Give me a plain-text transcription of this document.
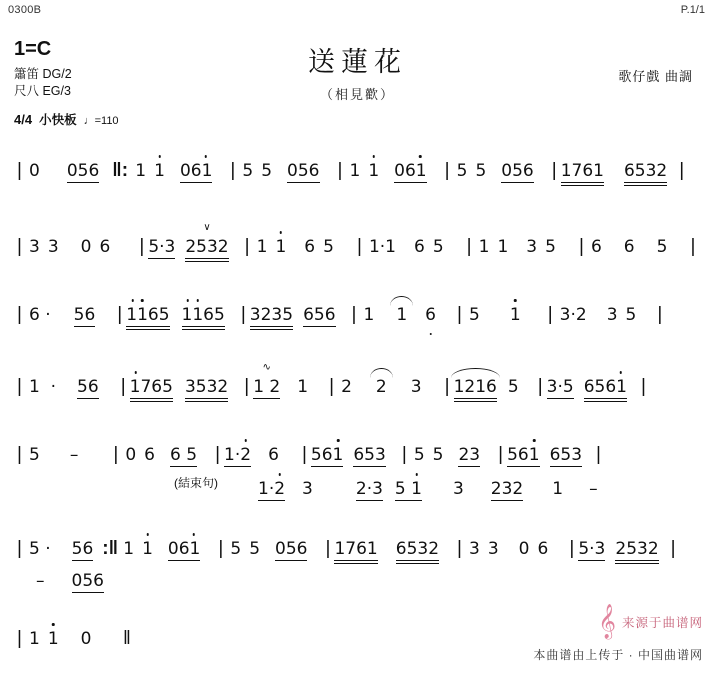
0300B	P.1/1
1=C
簫笛 DG/2
尺八 EG/3
4/4 小快板 ♩=110
送蓮花
（相見歡）
歌仔戲 曲調
| 0 056 ‖: 1 1 061 | 5 5 056 | 1 1 061 | 5 5 056 | 1761 6532 |
| 3 3 0 6 | 5·3
∨
2532 | 1 1 6 5 | 1·1 6 5 | 1 1 3 5 | 6 6 5 |
| 6 · 56 | 1165 1165 | 3235 656 | 1 1 6 | 5 1 | 3·2 3 5 |
| 1  · 56 | 1765 3532 |
∿
1 2 1 | 2 2 3 | 1216 5 | 3·5 6561 |
| 5 – | 0 6 6 5 | 1·2 6 | 561 653 | 5 5 23 | 561 653 |
(結束句) 1·2 3	2·3 5 1 3 232 1 –
| 5 · 56 :‖ 1 1 061 | 5 5 056 | 1761 6532 | 3 3 0 6 | 5·3 2532 |
– 056
| 1 1 0 ‖
𝄞 来源于曲谱网
本曲谱由上传于 · 中国曲谱网
